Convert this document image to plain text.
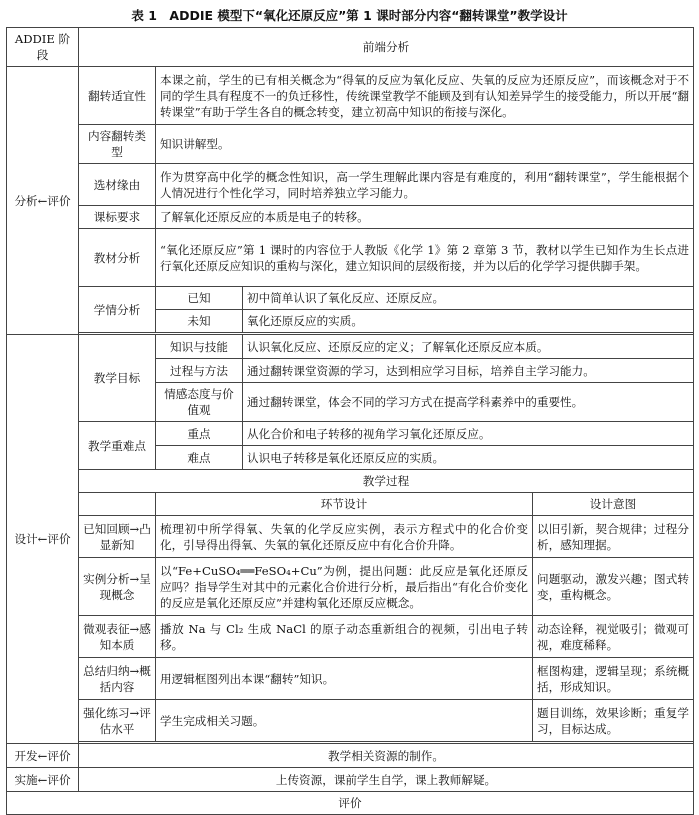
表 1　ADDIE 模型下“氧化还原反应”第 1 课时部分内容“翻转课堂”教学设计
ADDIE 阶段	前端分析			
分析←评价	翻转适宜性	本课之前，学生的已有相关概念为“得氧的反应为氧化反应、失氧的反应为还原反应”，而该概念对于不同的学生具有程度不一的负迁移性，传统课堂教学不能顾及到有认知差异学生的接受能力，所以开展“翻转课堂”有助于学生各自的概念转变，建立初高中知识的衔接与深化。		
	内容翻转类型	知识讲解型。		
	选材缘由	作为贯穿高中化学的概念性知识，高一学生理解此课内容是有难度的，利用“翻转课堂”，学生能根据个人情况进行个性化学习，同时培养独立学习能力。		
	课标要求	了解氧化还原反应的本质是电子的转移。		
	教材分析	“氧化还原反应”第 1 课时的内容位于人教版《化学 1》第 2 章第 3 节，教材以学生已知作为生长点进行氧化还原反应知识的重构与深化，建立知识间的层级衔接，并为以后的化学学习提供脚手架。		
	学情分析	已知	初中简单认识了氧化反应、还原反应。	
		未知	氧化还原反应的实质。	

设计←评价	教学目标	知识与技能	认识氧化反应、还原反应的定义；了解氧化还原反应本质。	
		过程与方法	通过翻转课堂资源的学习，达到相应学习目标，培养自主学习能力。	
		情感态度与价值观	通过翻转课堂，体会不同的学习方式在提高学科素养中的重要性。	
	教学重难点	重点	从化合价和电子转移的视角学习氧化还原反应。	
		难点	认识电子转移是氧化还原反应的实质。	
	教学过程			
		环节设计		设计意图
	已知回顾→凸显新知	梳理初中所学得氧、失氧的化学反应实例，表示方程式中的化合价变化，引导得出得氧、失氧的氧化还原反应中有化合价升降。		以旧引新，契合规律；过程分析，感知理据。
	实例分析→呈现概念	以“Fe+CuSO₄══FeSO₄+Cu”为例，提出问题：此反应是氧化还原反应吗？指导学生对其中的元素化合价进行分析，最后指出“有化合价变化的反应是氧化还原反应”并建构氧化还原反应概念。		问题驱动，激发兴趣；图式转变，重构概念。
	微观表征→感知本质	播放 Na 与 Cl₂ 生成 NaCl 的原子动态重新组合的视频，引出电子转移。		动态诠释，视觉吸引；微观可视，难度稀释。
	总结归纳→概括内容	用逻辑框图列出本课“翻转”知识。		框图构建，逻辑呈现；系统概括，形成知识。
	强化练习→评估水平	学生完成相关习题。		题目训练，效果诊断；重复学习，目标达成。

开发←评价	教学相关资源的制作。			
实施←评价	上传资源，课前学生自学，课上教师解疑。			
评价				
